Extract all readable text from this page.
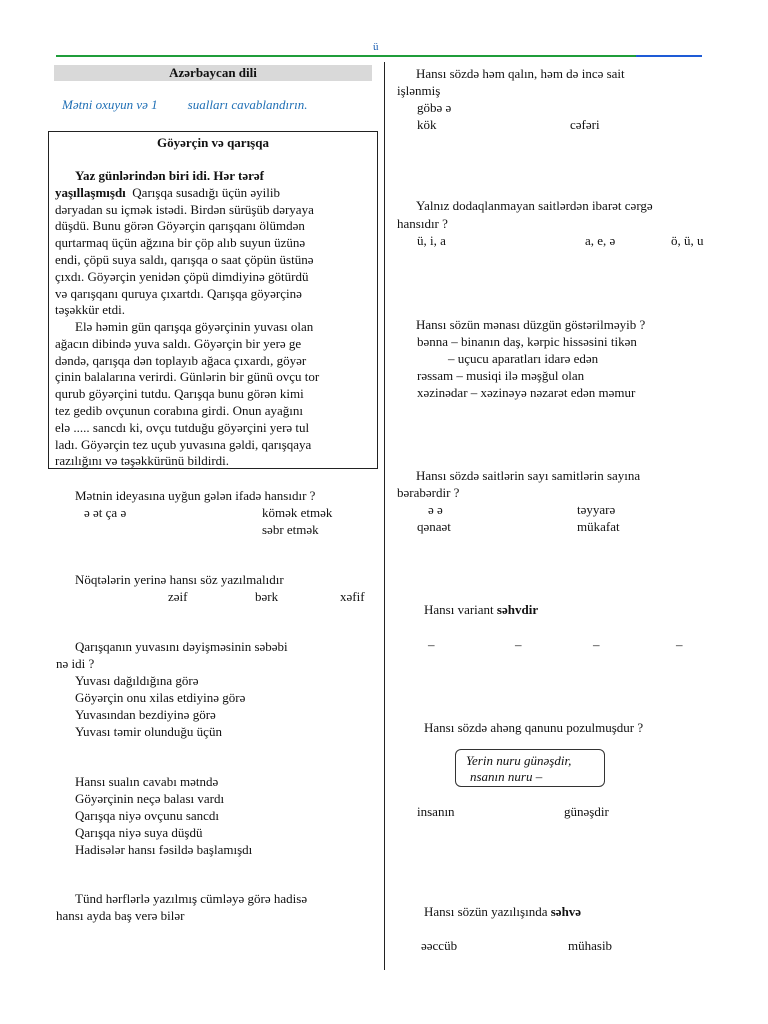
ü
Azərbaycan dili
Mətni oxuyun və 1 sualları cavablandırın.
Göyərçin və qarışqa
Yaz günlərindən biri idi. Hər tərəf
yaşıllaşmışdı Qarışqa susadığı üçün əyilib
dəryadan su içmək istədi. Birdən sürüşüb dəryaya
düşdü. Bunu görən Göyərçin qarışqanı ölümdən
qurtarmaq üçün ağzına bir çöp alıb suyun üzünə
endi, çöpü suya saldı, qarışqa o saat çöpün üstünə
çıxdı. Göyərçin yenidən çöpü dimdiyinə götürdü
və qarışqanı quruya çıxartdı. Qarışqa göyərçinə
təşəkkür etdi.
Elə həmin gün qarışqa göyərçinin yuvası olan
ağacın dibində yuva saldı. Göyərçin bir yerə ge
dəndə, qarışqa dən toplayıb ağaca çıxardı, göyər
çinin balalarına verirdi. Günlərin bir günü ovçu tor
qurub göyərçini tutdu. Qarışqa bunu görən kimi
tez gedib ovçunun corabına girdi. Onun ayağını
elə ..... sancdı ki, ovçu tutduğu göyərçini yerə tul
ladı. Göyərçin tez uçub yuvasına gəldi, qarışqaya
razılığını və təşəkkürünü bildirdi.
Mətnin ideyasına uyğun gələn ifadə hansıdır ?
ə ət ça ə	kömək etmək
səbr etmək
Nöqtələrin yerinə hansı söz yazılmalıdır
zəif	bərk	xəfif
Qarışqanın yuvasını dəyişməsinin səbəbi
nə idi ?
Yuvası dağıldığına görə
Göyərçin onu xilas etdiyinə görə
Yuvasından bezdiyinə görə
Yuvası təmir olunduğu üçün
Hansı sualın cavabı mətndə
Göyərçinin neçə balası vardı
Qarışqa niyə ovçunu sancdı
Qarışqa niyə suya düşdü
Hadisələr hansı fəsildə başlamışdı
Tünd hərflərlə yazılmış cümləyə görə hadisə
hansı ayda baş verə bilər
Hansı sözdə həm qalın, həm də incə sait
işlənmiş
göbə ə
kök	cəfəri
Yalnız dodaqlanmayan saitlərdən ibarət cərgə
hansıdır ?
ü, i, a	a, e, ə	ö, ü, u
Hansı sözün mənası düzgün göstərilməyib ?
bənna – binanın daş, kərpic hissəsini tikən
– uçucu aparatları idarə edən
rəssam – musiqi ilə məşğul olan
xəzinədar – xəzinəyə nəzarət edən məmur
Hansı sözdə saitlərin sayı samitlərin sayına
bərabərdir ?
ə ə	təyyarə
qənaət	mükafat
Hansı variant səhvdir
–	–	–	–
Hansı sözdə ahəng qanunu pozulmuşdur ?
Yerin nuru günəşdir,
nsanın nuru –
insanın	günəşdir
Hansı sözün yazılışında səhvə
əəccüb	mühasib
